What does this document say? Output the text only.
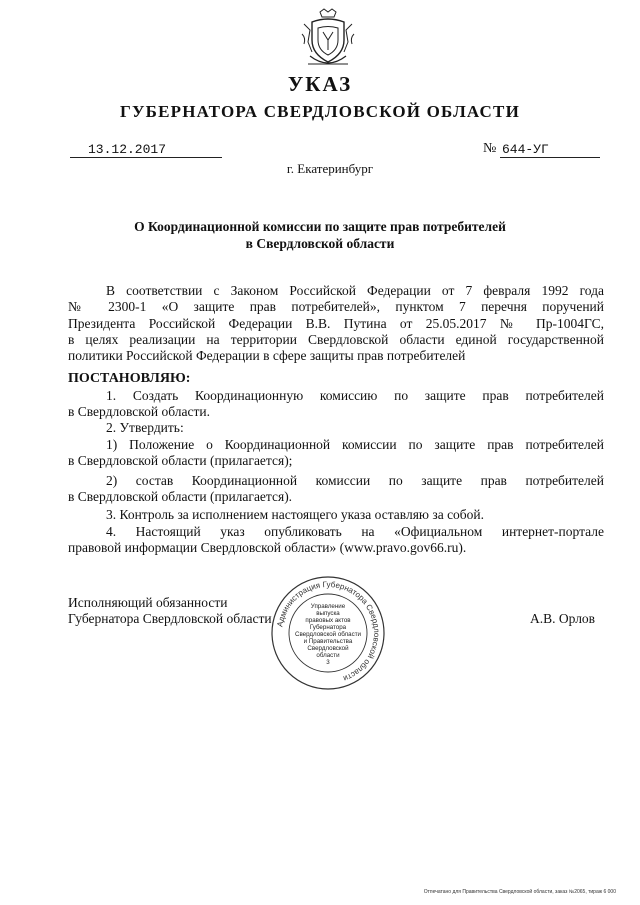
УКАЗ
ГУБЕРНАТОРА СВЕРДЛОВСКОЙ ОБЛАСТИ
13.12.2017	№ 644-УГ
г. Екатеринбург
О Координационной комиссии по защите прав потребителей
в Свердловской области
В соответствии с Законом Российской Федерации от 7 февраля 1992 года
№ 2300-1 «О защите прав потребителей», пунктом 7 перечня поручений
Президента Российской Федерации В.В. Путина от 25.05.2017 № Пр-1004ГС,
в целях реализации на территории Свердловской области единой государственной
политики Российской Федерации в сфере защиты прав потребителей
ПОСТАНОВЛЯЮ:
1. Создать Координационную комиссию по защите прав потребителей
в Свердловской области.
2. Утвердить:
1) Положение о Координационной комиссии по защите прав потребителей
в Свердловской области (прилагается);
2) состав Координационной комиссии по защите прав потребителей
в Свердловской области (прилагается).
3. Контроль за исполнением настоящего указа оставляю за собой.
4. Настоящий указ опубликовать на «Официальном интернет-портале
правовой информации Свердловской области» (www.pravo.gov66.ru).
Исполняющий обязанности
Губернатора Свердловской области	А.В. Орлов
Администрация Губернатора Свердловской области
Управление
выпуска
правовых актов
Губернатора
Свердловской области
и Правительства
Свердловской
области
3
Отпечатано для Правительства Свердловской области, заказ №2065, тираж 6 000
